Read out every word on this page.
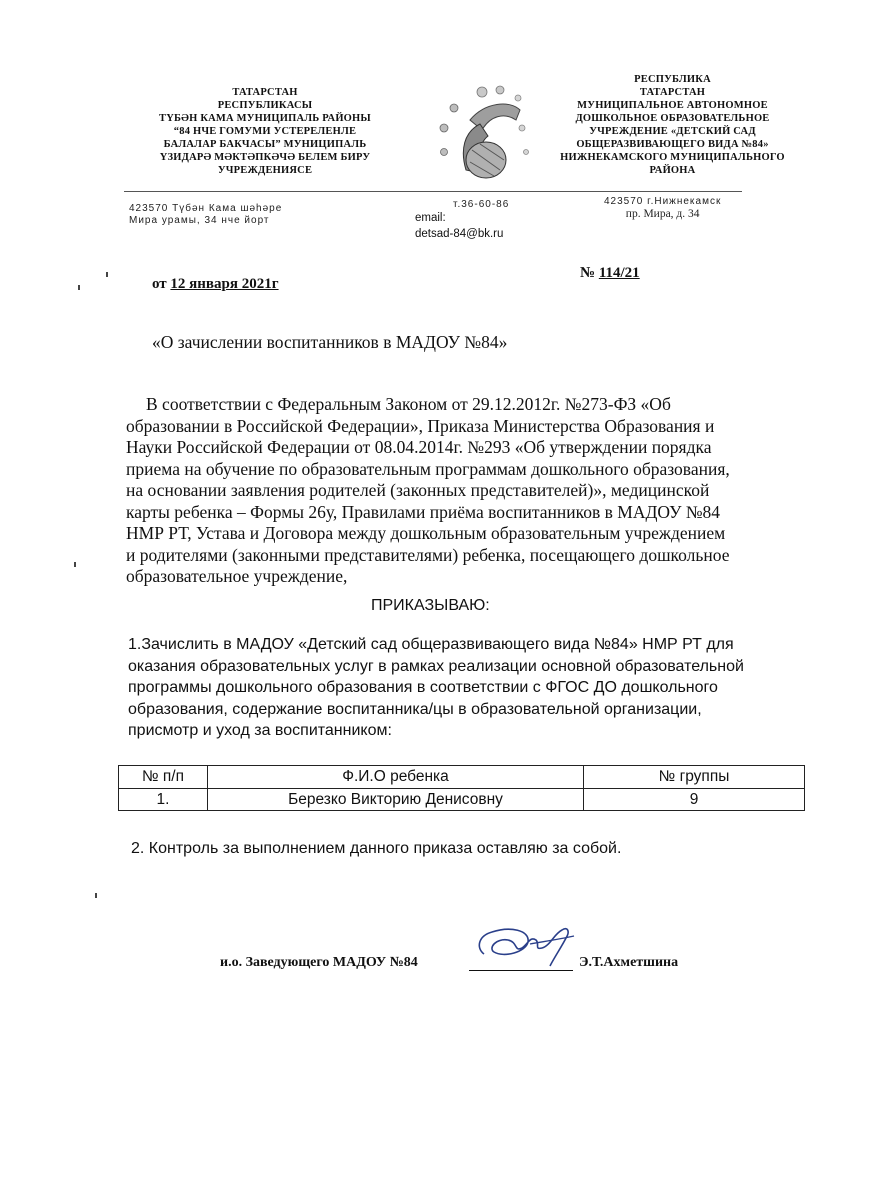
ТАТАРСТАН
РЕСПУБЛИКАСЫ
ТҮБӘН КАМА МУНИЦИПАЛЬ РАЙОНЫ
“84 НЧЕ ГОМУМИ УСТЕРЕЛЕНЛЕ
БАЛАЛАР БАКЧАСЫ” МУНИЦИПАЛЬ
ҮЗИДАРӘ МӘКТӘПКӘЧӘ БЕЛЕМ БИРУ
УЧРЕЖДЕНИЯСЕ
РЕСПУБЛИКА
ТАТАРСТАН
МУНИЦИПАЛЬНОЕ АВТОНОМНОЕ
ДОШКОЛЬНОЕ ОБРАЗОВАТЕЛЬНОЕ
УЧРЕЖДЕНИЕ «ДЕТСКИЙ САД
ОБЩЕРАЗВИВАЮЩЕГО ВИДА №84»
НИЖНЕКАМСКОГО МУНИЦИПАЛЬНОГО
РАЙОНА
423570 Түбән Кама шәһәре
Мира урамы, 34 нче йорт
т.36-60-86
email:
detsad-84@bk.ru
423570 г.Нижнекамск
пр. Мира, д. 34
от 12 января 2021г
№ 114/21
«О зачислении воспитанников в МАДОУ №84»
В соответствии с Федеральным Законом от 29.12.2012г. №273-ФЗ «Об
образовании в Российской Федерации», Приказа Министерства Образования и
Науки Российской Федерации от 08.04.2014г. №293 «Об утверждении порядка
приема на обучение по образовательным программам дошкольного образования,
на основании заявления родителей (законных представителей)», медицинской
карты ребенка – Формы 26у, Правилами приёма воспитанников в МАДОУ №84
НМР РТ, Устава и Договора между дошкольным образовательным учреждением
и родителями (законными представителями) ребенка, посещающего дошкольное
образовательное учреждение,
ПРИКАЗЫВАЮ:
1.Зачислить в МАДОУ «Детский сад общеразвивающего вида №84» НМР РТ для
оказания образовательных услуг в рамках реализации основной образовательной
программы дошкольного образования в соответствии с ФГОС ДО дошкольного
образования, содержание воспитанника/цы в образовательной организации,
присмотр и уход за воспитанником:
№ п/п	Ф.И.О ребенка	№ группы
1.	Березко Викторию Денисовну	9
2. Контроль за выполнением данного приказа оставляю за собой.
и.о. Заведующего МАДОУ №84	Э.Т.Ахметшина
